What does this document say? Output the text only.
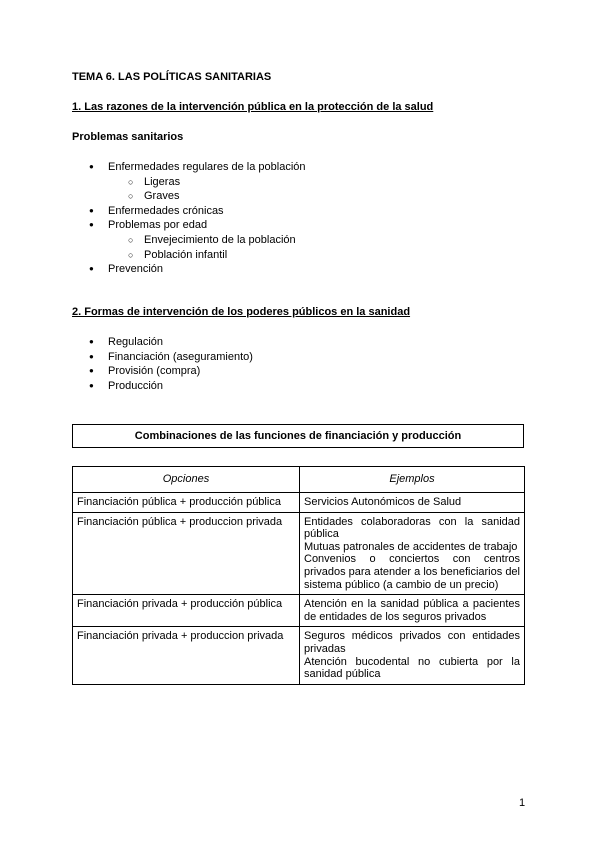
TEMA 6. LAS POLÍTICAS SANITARIAS
1. Las razones de la intervención pública en la protección de la salud
Problemas sanitarios
● Enfermedades regulares de la población
○ Ligeras
○ Graves
● Enfermedades crónicas
● Problemas por edad
○ Envejecimiento de la población
○ Población infantil
● Prevención
2. Formas de intervención de los poderes públicos en la sanidad
● Regulación
● Financiación (aseguramiento)
● Provisión (compra)
● Producción
Combinaciones de las funciones de financiación y producción
Opciones	Ejemplos
Financiación pública + producción pública	Servicios Autonómicos de Salud

Financiación pública + produccion privada	Entidades colaboradoras con la sanidad pública
Mutuas patronales de accidentes de trabajo
Convenios o conciertos con centros privados para atender a los beneficiarios del sistema público (a cambio de un precio)

Financiación privada + producción pública	Atención en la sanidad pública a pacientes de entidades de los seguros privados

Financiación privada + produccion privada	Seguros médicos privados con entidades privadas
Atención bucodental no cubierta por la sanidad pública
1
